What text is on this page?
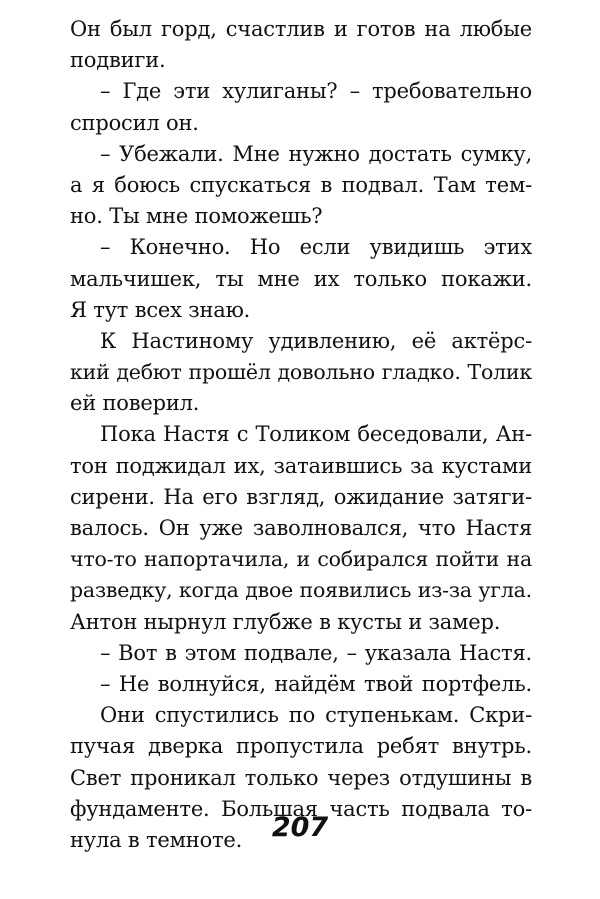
Он был горд, счастлив и готов на любые
подвиги.
– Где эти хулиганы? – требовательно
спросил он.
– Убежали. Мне нужно достать сумку,
а я боюсь спускаться в подвал. Там тем-
но. Ты мне поможешь?
– Конечно. Но если увидишь этих
мальчишек, ты мне их только покажи.
Я тут всех знаю.
К Настиному удивлению, её актёрс-
кий дебют прошёл довольно гладко. Толик
ей поверил.
Пока Настя с Толиком беседовали, Ан-
тон поджидал их, затаившись за кустами
сирени. На его взгляд, ожидание затяги-
валось. Он уже заволновался, что Настя
что-то напортачила, и собирался пойти на
разведку, когда двое появились из-за угла.
Антон нырнул глубже в кусты и замер.
– Вот в этом подвале, – указала Настя.
– Не волнуйся, найдём твой портфель.
Они спустились по ступенькам. Скри-
пучая дверка пропустила ребят внутрь.
Свет проникал только через отдушины в
фундаменте. Большая часть подвала то-
нула в темноте.	207
